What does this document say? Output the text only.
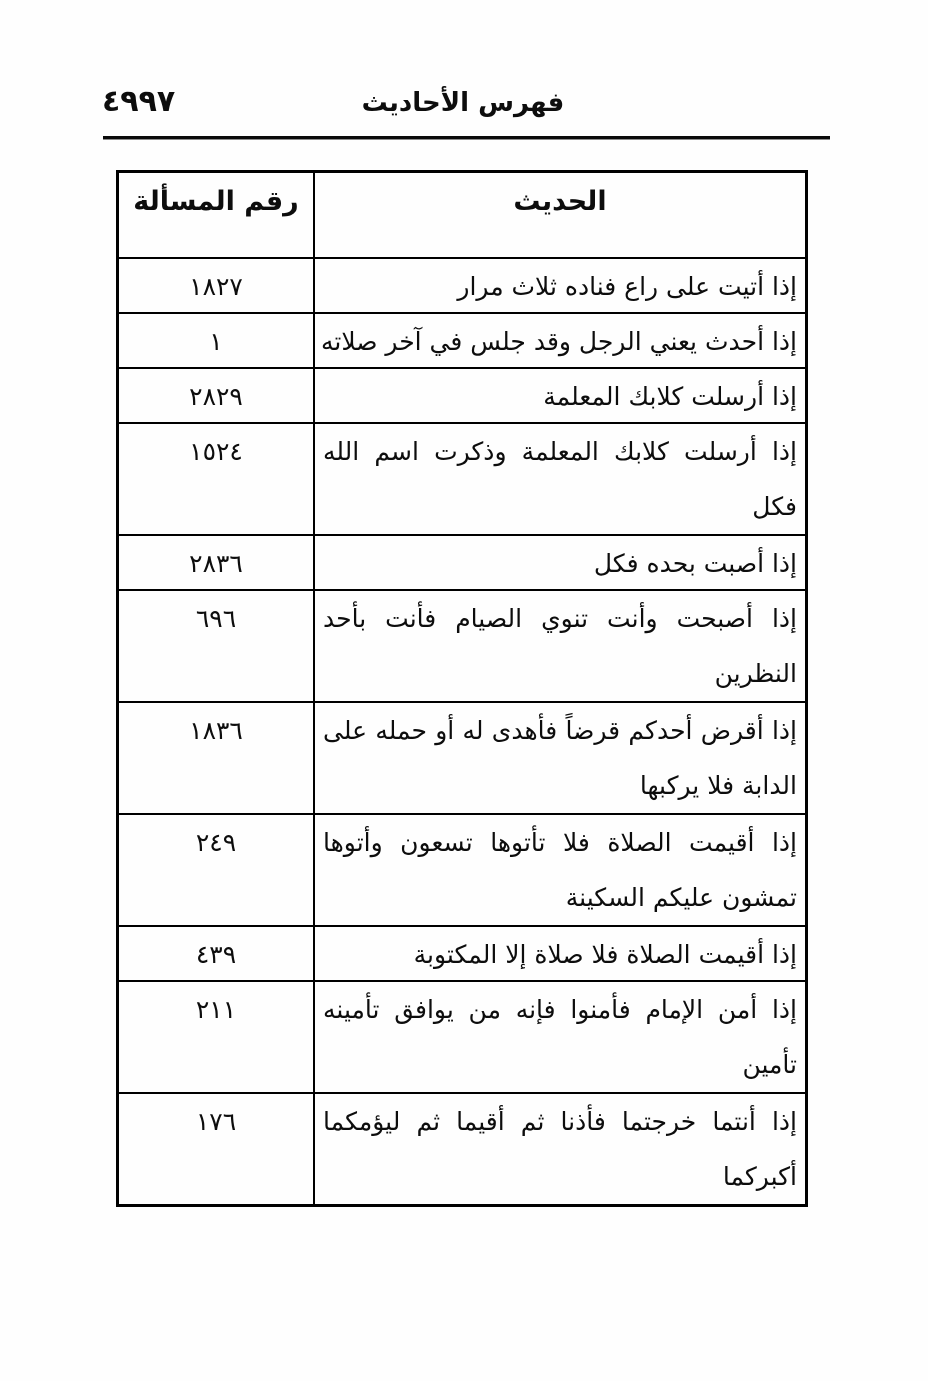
٤٩٩٧	فهرس الأحاديث
الحديث
رقم المسألة
إذا أتيت على راع فناده ثلاث مرار
١٨٢٧
إذا أحدث يعني الرجل وقد جلس في آخر صلاته
١
إذا أرسلت كلابك المعلمة
٢٨٢٩
إذا أرسلت كلابك المعلمة وذكرت اسم الله
فكل
١٥٢٤
إذا أصبت بحده فكل
٢٨٣٦
إذا أصبحت وأنت تنوي الصيام فأنت بأحد
النظرين
٦٩٦
إذا أقرض أحدكم قرضاً فأهدى له أو حمله على
الدابة فلا يركبها
١٨٣٦
إذا أقيمت الصلاة فلا تأتوها تسعون وأتوها
تمشون عليكم السكينة
٢٤٩
إذا أقيمت الصلاة فلا صلاة إلا المكتوبة
٤٣٩
إذا أمن الإمام فأمنوا فإنه من يوافق تأمينه تأمين
٢١١
إذا أنتما خرجتما فأذنا ثم أقيما ثم ليؤمكما
أكبركما
١٧٦
